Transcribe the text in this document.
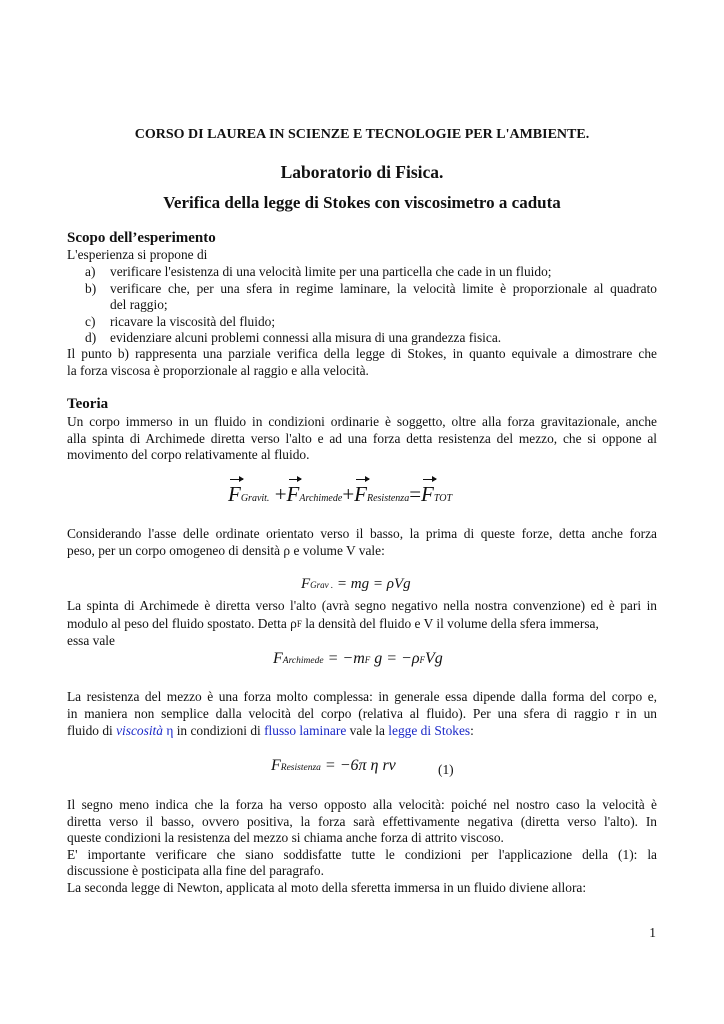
CORSO DI LAUREA IN SCIENZE E TECNOLOGIE PER L'AMBIENTE.
Laboratorio di Fisica.
Verifica della legge di Stokes con viscosimetro a caduta
Scopo dell’esperimento
L'esperienza si propone di
a) verificare l'esistenza di una velocità limite per una particella che cade in un fluido;
b) verificare che, per una sfera in regime laminare, la velocità limite è proporzionale al quadrato
del raggio;
c) ricavare la viscosità del fluido;
d) evidenziare alcuni problemi connessi alla misura di una grandezza fisica.
Il punto b) rappresenta una parziale verifica della legge di Stokes, in quanto equivale a dimostrare che
la forza viscosa è proporzionale al raggio e alla velocità.
Teoria
Un corpo immerso in un fluido in condizioni ordinarie è soggetto, oltre alla forza gravitazionale, anche
alla spinta di Archimede diretta verso l'alto e ad una forza detta resistenza del mezzo, che si oppone al
movimento del corpo relativamente al fluido.
FGravit. +FArchimede+FResistenza=FTOT
Considerando l'asse delle ordinate orientato verso il basso, la prima di queste forze, detta anche forza
peso, per un corpo omogeneo di densità ρ e volume V vale:
FGrav . = mg = ρVg
La spinta di Archimede è diretta verso l'alto (avrà segno negativo nella nostra convenzione) ed è pari in
modulo al peso del fluido spostato. Detta ρ F la densità del fluido e V il volume della sfera immersa,
essa vale
FArchimede = −mF g = −ρFVg
La resistenza del mezzo è una forza molto complessa: in generale essa dipende dalla forma del corpo e,
in maniera non semplice dalla velocità del corpo (relativa al fluido). Per una sfera di raggio r in un
fluido di viscosità η in condizioni di flusso laminare vale la legge di Stokes:
FResistenza = −6π η rv	(1)
Il segno meno indica che la forza ha verso opposto alla velocità: poiché nel nostro caso la velocità è
diretta verso il basso, ovvero positiva, la forza sarà effettivamente negativa (diretta verso l'alto). In
queste condizioni la resistenza del mezzo si chiama anche forza di attrito viscoso.
E' importante verificare che siano soddisfatte tutte le condizioni per l'applicazione della (1): la
discussione è posticipata alla fine del paragrafo.
La seconda legge di Newton, applicata al moto della sferetta immersa in un fluido diviene allora:
1
